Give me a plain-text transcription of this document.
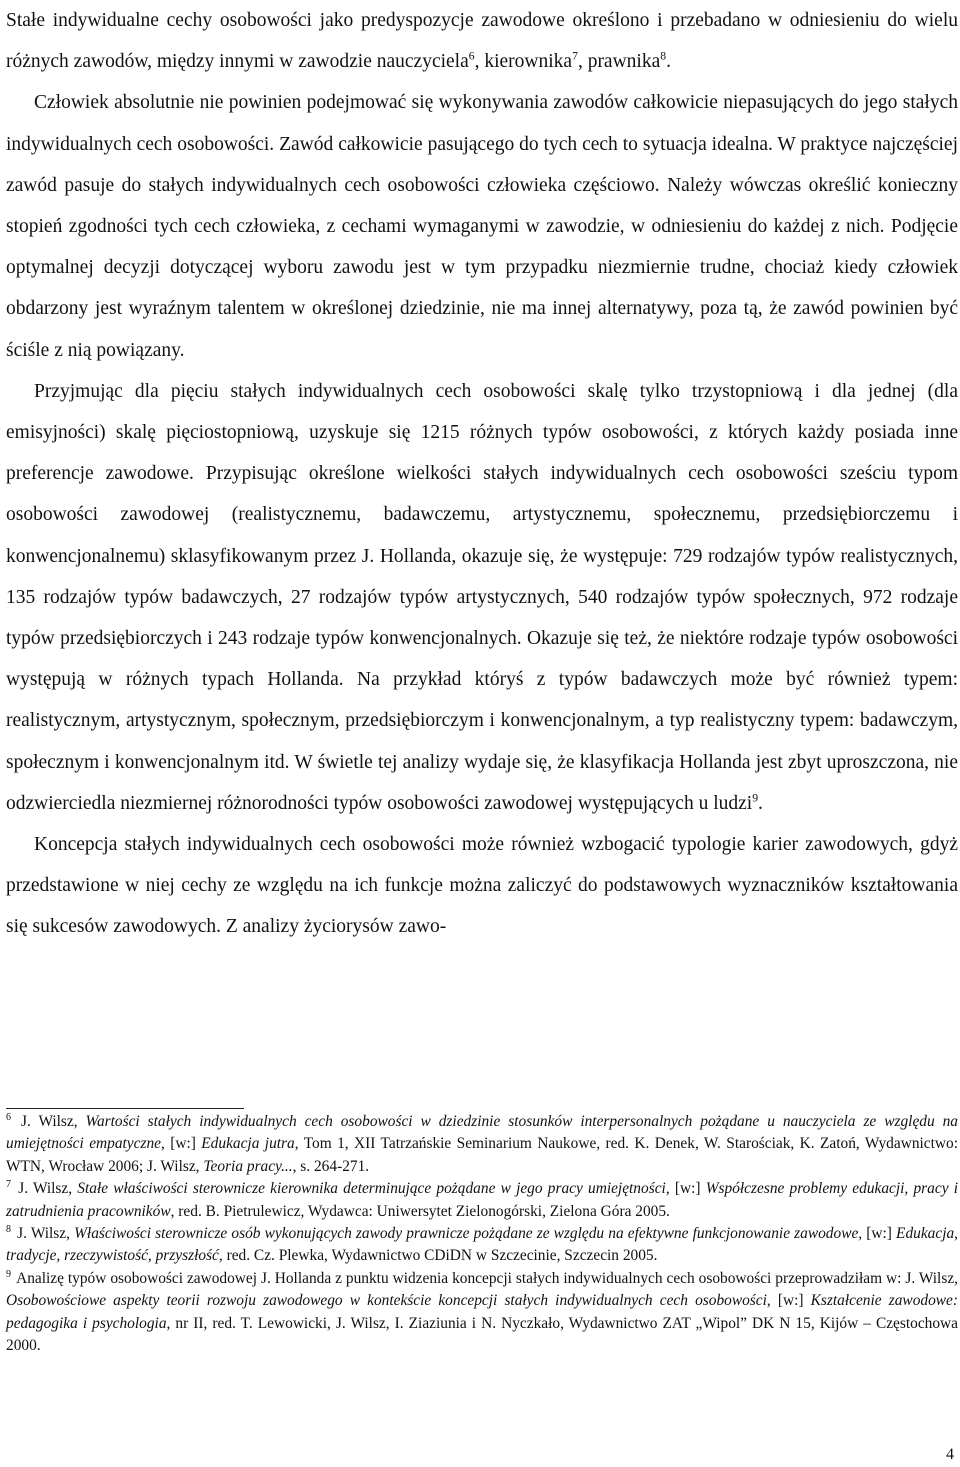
Stałe indywidualne cechy osobowości jako predyspozycje zawodowe określono i przebadano w odniesieniu do wielu różnych zawodów, między innymi w zawodzie nauczyciela$^6$, kierownika$^7$, prawnika$^8$.

Człowiek absolutnie nie powinien podejmować się wykonywania zawodów całkowicie niepasujących do jego stałych indywidualnych cech osobowości. Zawód całkowicie pasującego do tych cech to sytuacja idealna. W praktyce najczęściej zawód pasuje do stałych indywidualnych cech osobowości człowieka częściowo. Należy wówczas określić konieczny stopień zgodności tych cech człowieka, z cechami wymaganymi w zawodzie, w odniesieniu do każdej z nich. Podjęcie optymalnej decyzji dotyczącej wyboru zawodu jest w tym przypadku niezmiernie trudne, chociaż kiedy człowiek obdarzony jest wyraźnym talentem w określonej dziedzinie, nie ma innej alternatywy, poza tą, że zawód powinien być ściśle z nią powiązany.

Przyjmując dla pięciu stałych indywidualnych cech osobowości skalę tylko trzystopniową i dla jednej (dla emisyjności) skalę pięciostopniową, uzyskuje się 1215 różnych typów osobowości, z których każdy posiada inne preferencje zawodowe. Przypisując określone wielkości stałych indywidualnych cech osobowości sześciu typom osobowości zawodowej (realistycznemu, badawczemu, artystycznemu, społecznemu, przedsiębiorczemu i konwencjonalnemu) sklasyfikowanym przez J. Hollanda, okazuje się, że występuje: 729 rodzajów typów realistycznych, 135 rodzajów typów badawczych, 27 rodzajów typów artystycznych, 540 rodzajów typów społecznych, 972 rodzaje typów przedsiębiorczych i 243 rodzaje typów konwencjonalnych. Okazuje się też, że niektóre rodzaje typów osobowości występują w różnych typach Hollanda. Na przykład któryś z typów badawczych może być również typem: realistycznym, artystycznym, społecznym, przedsiębiorczym i konwencjonalnym, a typ realistyczny typem: badawczym, społecznym i konwencjonalnym itd. W świetle tej analizy wydaje się, że klasyfikacja Hollanda jest zbyt uproszczona, nie odzwierciedla niezmiernej różnorodności typów osobowości zawodowej występujących u ludzi$^9$.

Koncepcja stałych indywidualnych cech osobowości może również wzbogacić typologie karier zawodowych, gdyż przedstawione w niej cechy ze względu na ich funkcje można zaliczyć do podstawowych wyznaczników kształtowania się sukcesów zawodowych. Z analizy życiorysów zawo-

$^6$ J. Wilsz, Wartości stałych indywidualnych cech osobowości w dziedzinie stosunków interpersonalnych pożądane u nauczyciela ze względu na umiejętności empatyczne, [w:] Edukacja jutra, Tom 1, XII Tatrzańskie Seminarium Naukowe, red. K. Denek, W. Starościak, K. Zatoń, Wydawnictwo: WTN, Wrocław 2006; J. Wilsz, Teoria pracy..., s. 264-271.

$^7$ J. Wilsz, Stałe właściwości sterownicze kierownika determinujące pożądane w jego pracy umiejętności, [w:] Współczesne problemy edukacji, pracy i zatrudnienia pracowników, red. B. Pietrulewicz, Wydawca: Uniwersytet Zielonogórski, Zielona Góra 2005.

$^8$ J. Wilsz, Właściwości sterownicze osób wykonujących zawody prawnicze pożądane ze względu na efektywne funkcjonowanie zawodowe, [w:] Edukacja, tradycje, rzeczywistość, przyszłość, red. Cz. Plewka, Wydawnictwo CDiDN w Szczecinie, Szczecin 2005.

$^9$ Analizę typów osobowości zawodowej J. Hollanda z punktu widzenia koncepcji stałych indywidualnych cech osobowości przeprowadziłam w: J. Wilsz, Osobowościowe aspekty teorii rozwoju zawodowego w kontekście koncepcji stałych indywidualnych cech osobowości, [w:] Kształcenie zawodowe: pedagogika i psychologia, nr II, red. T. Lewowicki, J. Wilsz, I. Ziaziunia i N. Nyczkało, Wydawnictwo ZAT „Wipol” DK N 15, Kijów – Częstochowa 2000.

4
